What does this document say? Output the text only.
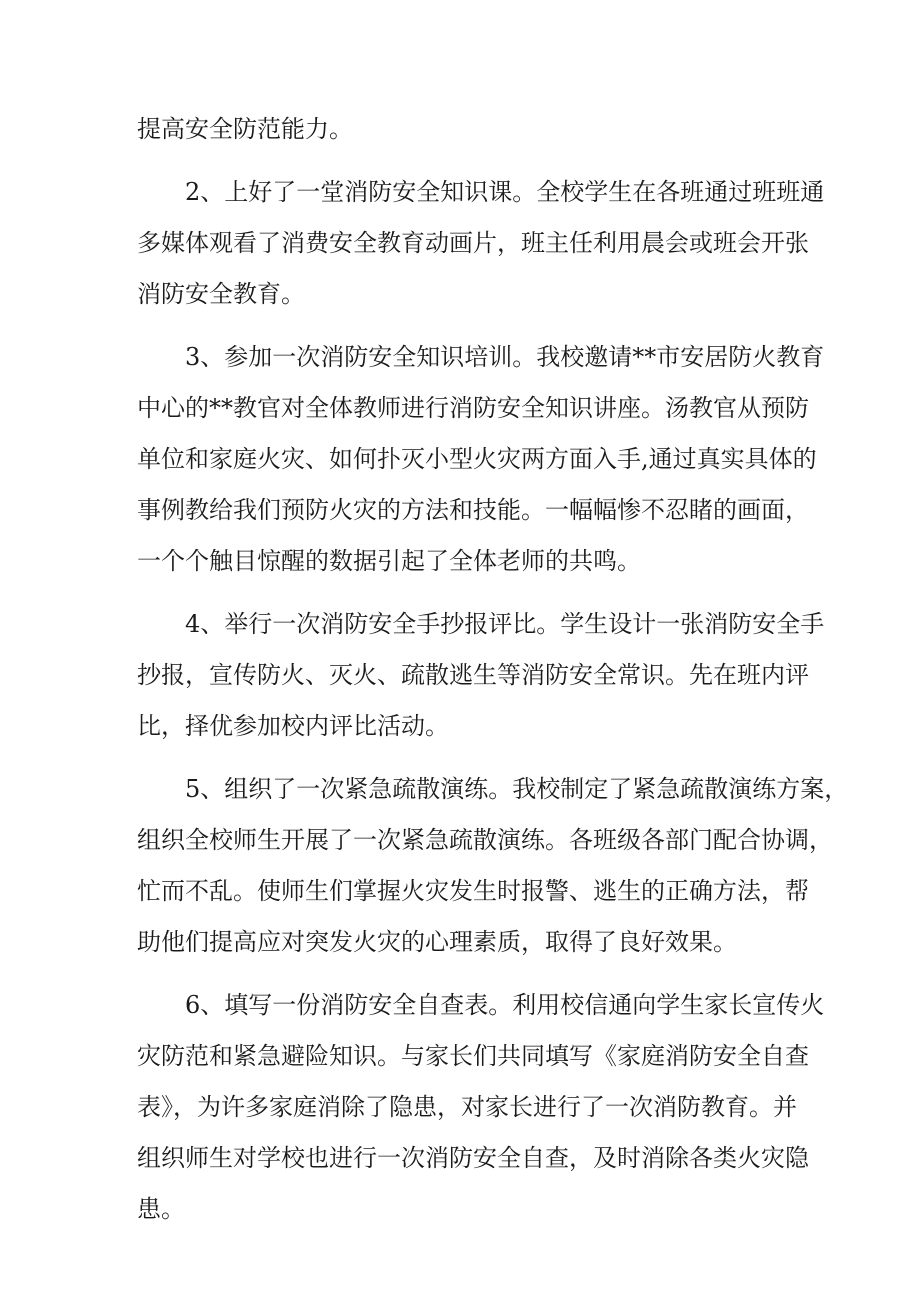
提高安全防范能力。

2、上好了一堂消防安全知识课。全校学生在各班通过班班通
多媒体观看了消费安全教育动画片，班主任利用晨会或班会开张
消防安全教育。

3、参加一次消防安全知识培训。我校邀请**市安居防火教育
中心的**教官对全体教师进行消防安全知识讲座。汤教官从预防
单位和家庭火灾、如何扑灭小型火灾两方面入手,通过真实具体的
事例教给我们预防火灾的方法和技能。一幅幅惨不忍睹的画面，
一个个触目惊醒的数据引起了全体老师的共鸣。

4、举行一次消防安全手抄报评比。学生设计一张消防安全手
抄报，宣传防火、灭火、疏散逃生等消防安全常识。先在班内评
比，择优参加校内评比活动。

5、组织了一次紧急疏散演练。我校制定了紧急疏散演练方案，
组织全校师生开展了一次紧急疏散演练。各班级各部门配合协调，
忙而不乱。使师生们掌握火灾发生时报警、逃生的正确方法，帮
助他们提高应对突发火灾的心理素质，取得了良好效果。

6、填写一份消防安全自查表。利用校信通向学生家长宣传火
灾防范和紧急避险知识。与家长们共同填写《家庭消防安全自查
表》，为许多家庭消除了隐患，对家长进行了一次消防教育。并
组织师生对学校也进行一次消防安全自查，及时消除各类火灾隐
患。
